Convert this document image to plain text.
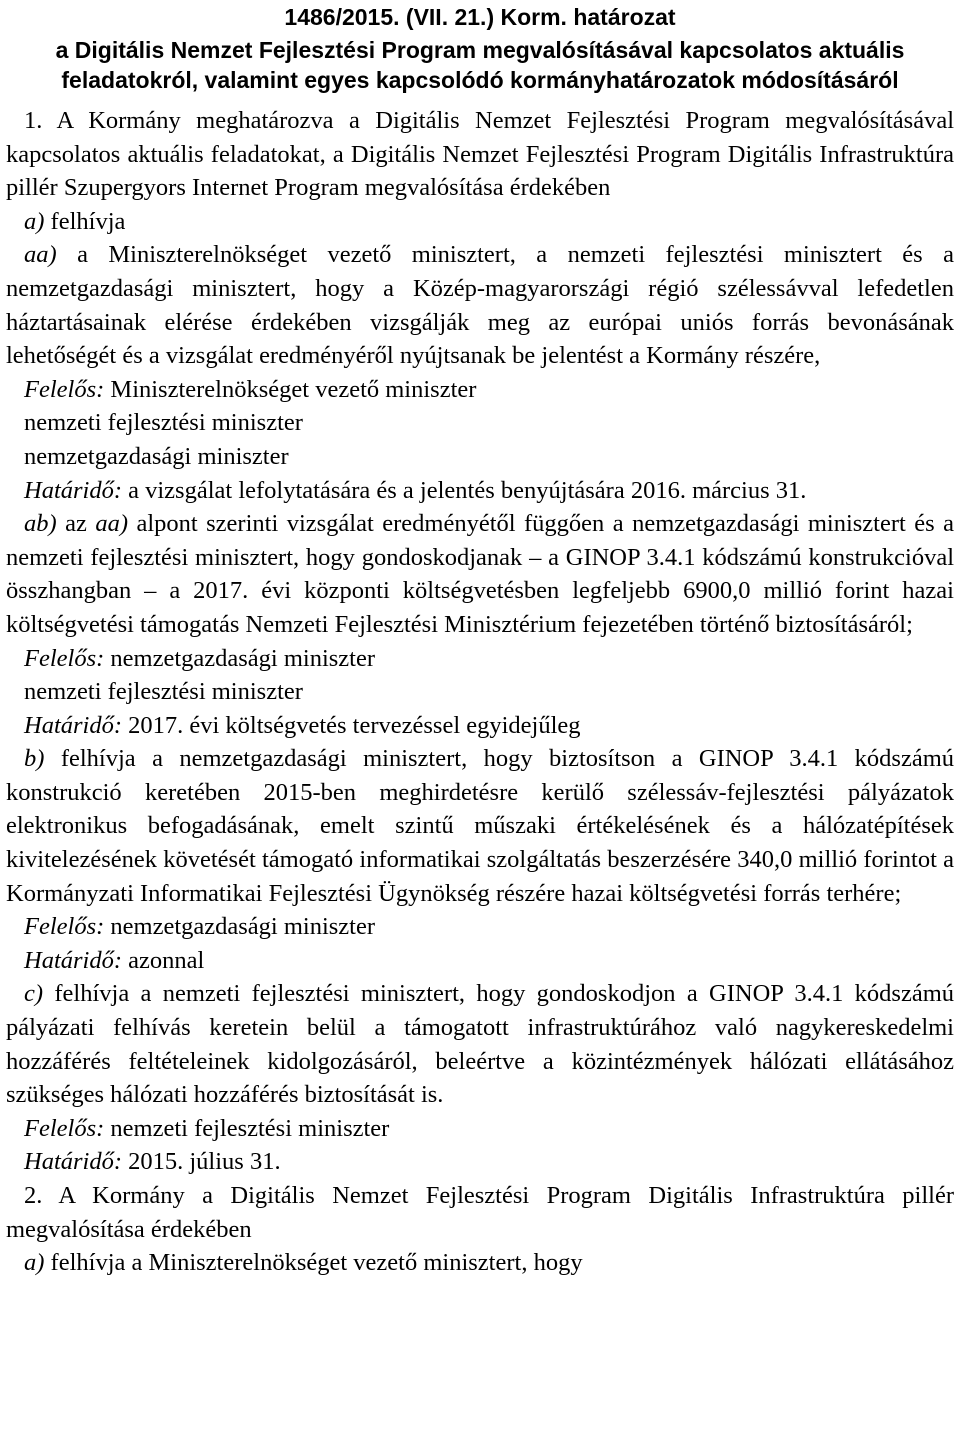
1486/2015. (VII. 21.) Korm. határozat
a Digitális Nemzet Fejlesztési Program megvalósításával kapcsolatos aktuális
feladatokról, valamint egyes kapcsolódó kormányhatározatok módosításáról

1. A Kormány meghatározva a Digitális Nemzet Fejlesztési Program megvalósításával kapcsolatos aktuális feladatokat, a Digitális Nemzet Fejlesztési Program Digitális Infrastruktúra pillér Szupergyors Internet Program megvalósítása érdekében

a) felhívja

aa) a Miniszterelnökséget vezető minisztert, a nemzeti fejlesztési minisztert és a nemzetgazdasági minisztert, hogy a Közép-magyarországi régió szélessávval lefedetlen háztartásainak elérése érdekében vizsgálják meg az európai uniós forrás bevonásának lehetőségét és a vizsgálat eredményéről nyújtsanak be jelentést a Kormány részére,

Felelős: Miniszterelnökséget vezető miniszter
nemzeti fejlesztési miniszter
nemzetgazdasági miniszter
Határidő: a vizsgálat lefolytatására és a jelentés benyújtására 2016. március 31.

ab) az aa) alpont szerinti vizsgálat eredményétől függően a nemzetgazdasági minisztert és a nemzeti fejlesztési minisztert, hogy gondoskodjanak – a GINOP 3.4.1 kódszámú konstrukcióval összhangban – a 2017. évi központi költségvetésben legfeljebb 6900,0 millió forint hazai költségvetési támogatás Nemzeti Fejlesztési Minisztérium fejezetében történő biztosításáról;

Felelős: nemzetgazdasági miniszter
nemzeti fejlesztési miniszter
Határidő: 2017. évi költségvetés tervezéssel egyidejűleg

b) felhívja a nemzetgazdasági minisztert, hogy biztosítson a GINOP 3.4.1 kódszámú konstrukció keretében 2015-ben meghirdetésre kerülő szélessáv-fejlesztési pályázatok elektronikus befogadásának, emelt szintű műszaki értékelésének és a hálózatépítések kivitelezésének követését támogató informatikai szolgáltatás beszerzésére 340,0 millió forintot a Kormányzati Informatikai Fejlesztési Ügynökség részére hazai költségvetési forrás terhére;

Felelős: nemzetgazdasági miniszter
Határidő: azonnal

c) felhívja a nemzeti fejlesztési minisztert, hogy gondoskodjon a GINOP 3.4.1 kódszámú pályázati felhívás keretein belül a támogatott infrastruktúrához való nagykereskedelmi hozzáférés feltételeinek kidolgozásáról, beleértve a közintézmények hálózati ellátásához szükséges hálózati hozzáférés biztosítását is.

Felelős: nemzeti fejlesztési miniszter
Határidő: 2015. július 31.

2. A Kormány a Digitális Nemzet Fejlesztési Program Digitális Infrastruktúra pillér megvalósítása érdekében

a) felhívja a Miniszterelnökséget vezető minisztert, hogy
